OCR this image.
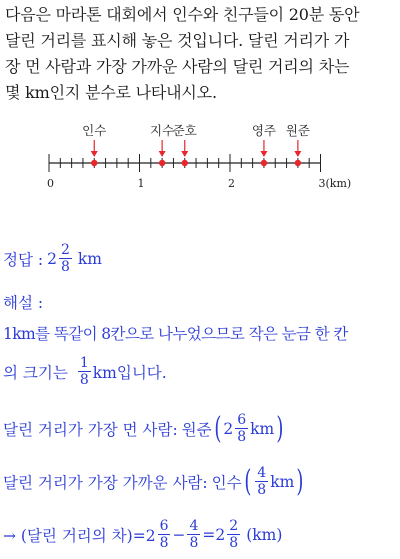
다음은 마라톤 대회에서 인수와 친구들이 20분 동안

달린 거리를 표시해 놓은 것입니다. 달린 거리가 가

장 먼 사람과 가장 가까운 사람의 달린 거리의 차는

몇 km인지 분수로 나타내시오.

0	1	2	3(km)
인수	지수
준호	영주 원준
정답 : $2 \frac{2}{8}$ km
해설 :
1km를 똑같이 8칸으로 나누었으므로 작은 눈금 한 칸
의 크기는 $\frac{1}{8}$ km입니다.
달린 거리가 가장 먼 사람: 원준 ( $2 \frac{6}{8}$ km )
달린 거리가 가장 가까운 사람: 인수 ( $\frac{4}{8}$ km )
→ (달린 거리의 차)$=2 \frac{6}{8} - \frac{4}{8} =2 \frac{2}{8} (km)$
